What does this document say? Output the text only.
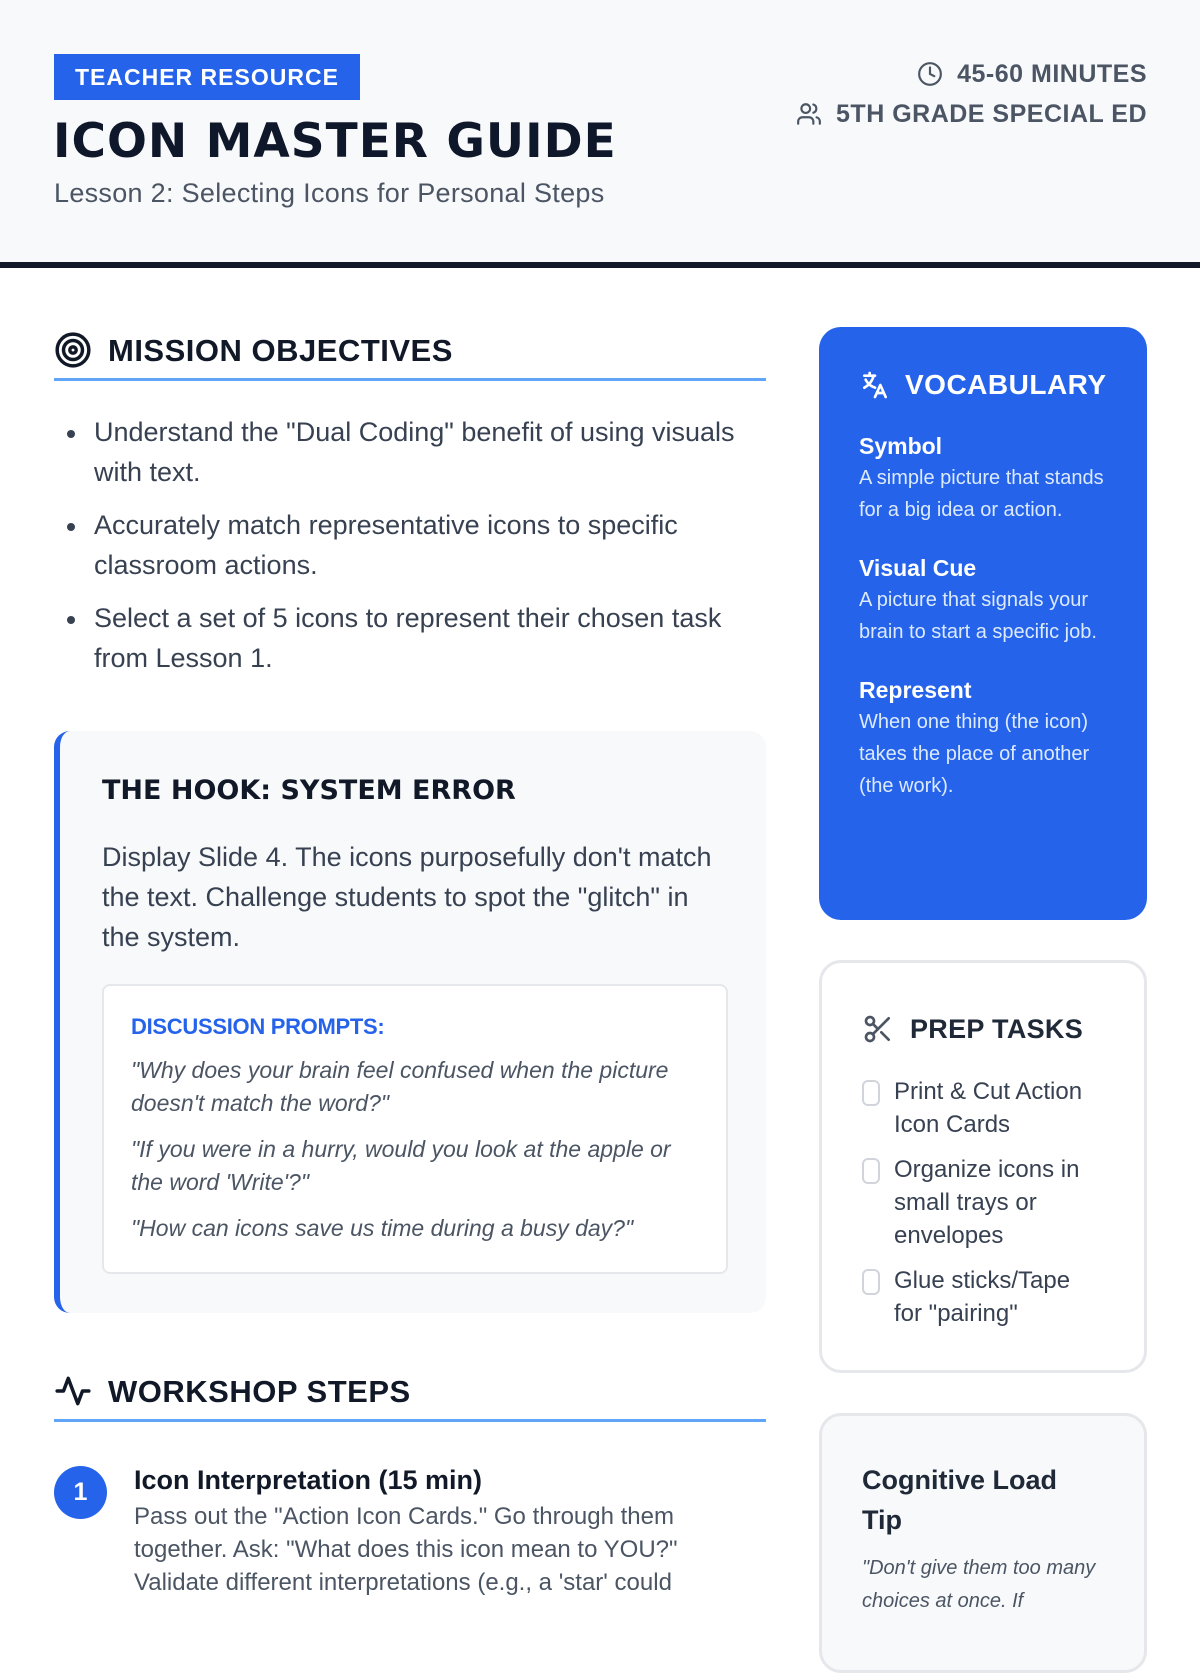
TEACHER RESOURCE
ICON MASTER GUIDE
Lesson 2: Selecting Icons for Personal Steps
45-60 MINUTES
5TH GRADE SPECIAL ED
MISSION OBJECTIVES
Understand the "Dual Coding" benefit of using visuals with text.
Accurately match representative icons to specific classroom actions.
Select a set of 5 icons to represent their chosen task from Lesson 1.
THE HOOK: SYSTEM ERROR
Display Slide 4. The icons purposefully don't match the text. Challenge students to spot the "glitch" in the system.
DISCUSSION PROMPTS:
"Why does your brain feel confused when the picture doesn't match the word?"
"If you were in a hurry, would you look at the apple or the word 'Write'?"
"How can icons save us time during a busy day?"
WORKSHOP STEPS
1	Icon Interpretation (15 min)
Pass out the "Action Icon Cards." Go through them together. Ask: "What does this icon mean to YOU?" Validate different interpretations (e.g., a 'star' could
VOCABULARY
Symbol
A simple picture that stands for a big idea or action.
Visual Cue
A picture that signals your brain to start a specific job.
Represent
When one thing (the icon) takes the place of another (the work).
PREP TASKS
Print & Cut Action Icon Cards
Organize icons in small trays or envelopes
Glue sticks/Tape for "pairing"
Cognitive Load Tip
"Don't give them too many choices at once. If
